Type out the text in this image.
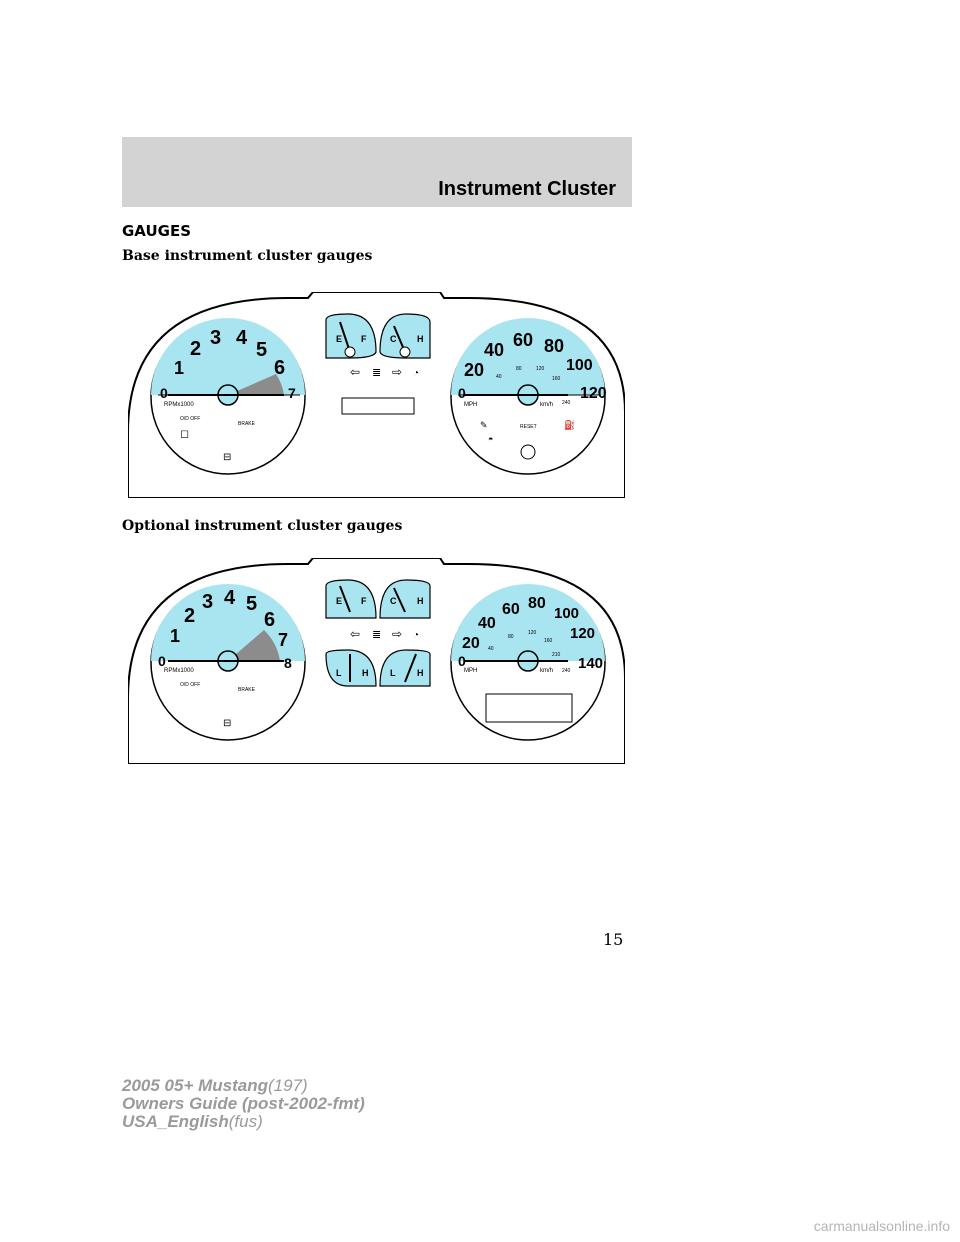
Instrument Cluster
GAUGES
Base instrument cluster gauges
0
1
2 3 4
5
6
7
RPMx1000
O/D OFF
BRAKE
◻
⊟
E F	C H
⇦ ≣ ⇨ ◔
0
20
40 60 80
100
120
40
80	120
160
240
MPH	km/h
RESET
✎	⛽
◓
Optional instrument cluster gauges
0
1
2
3 4 5
6
7
8
RPMx1000
O/D OFF
BRAKE
⊟
E F	C H
⇦ ≣ ⇨ ◔
L H L H
0
20
40
60 80
100
120
140
40
80
120
160
210
240
MPH	km/h
15
2005 05+ Mustang(197)
Owners Guide (post-2002-fmt)
USA_English(fus)
carmanualsonline.info
